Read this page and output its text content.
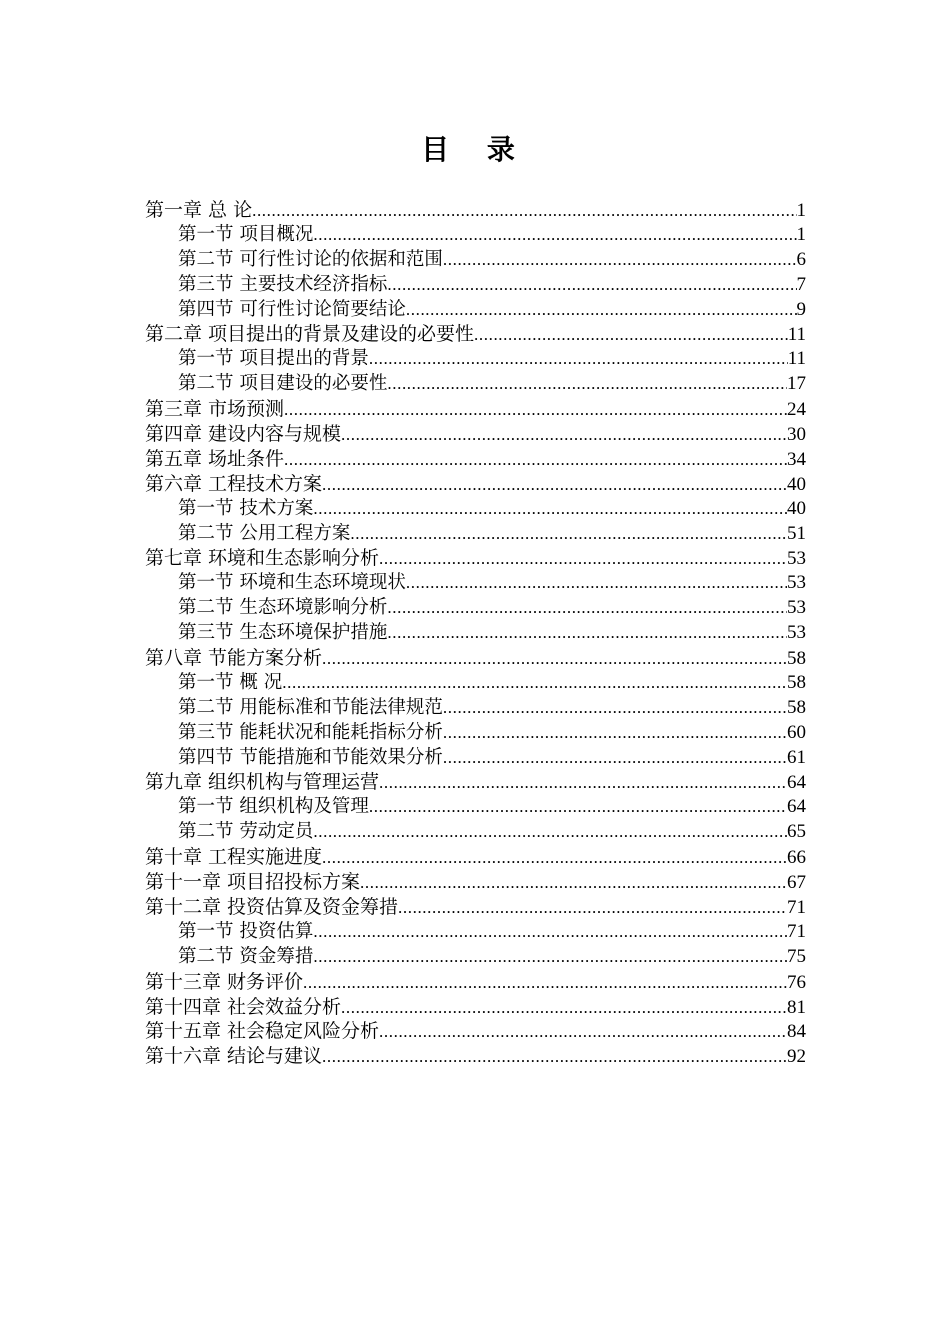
目 录
第一章 总 论 .....	1
第一节 项目概况 .....	1
第二节 可行性讨论的依据和范围 .....	6
第三节 主要技术经济指标 .....	7
第四节 可行性讨论简要结论 .....	9
第二章 项目提出的背景及建设的必要性 .....	11
第一节 项目提出的背景 .....	11
第二节 项目建设的必要性 .....	17
第三章 市场预测 .....	24
第四章 建设内容与规模 .....	30
第五章 场址条件 .....	34
第六章 工程技术方案 .....	40
第一节 技术方案 .....	40
第二节 公用工程方案 .....	51
第七章 环境和生态影响分析 .....	53
第一节 环境和生态环境现状 .....	53
第二节 生态环境影响分析 .....	53
第三节 生态环境保护措施 .....	53
第八章 节能方案分析 .....	58
第一节 概 况 .....	58
第二节 用能标准和节能法律规范 .....	58
第三节 能耗状况和能耗指标分析 .....	60
第四节 节能措施和节能效果分析 .....	61
第九章 组织机构与管理运营 .....	64
第一节 组织机构及管理 .....	64
第二节 劳动定员 .....	65
第十章 工程实施进度 .....	66
第十一章 项目招投标方案 .....	67
第十二章 投资估算及资金筹措 .....	71
第一节 投资估算 .....	71
第二节 资金筹措 .....	75
第十三章 财务评价 .....	76
第十四章 社会效益分析 .....	81
第十五章 社会稳定风险分析 .....	84
第十六章 结论与建议 .....	92
